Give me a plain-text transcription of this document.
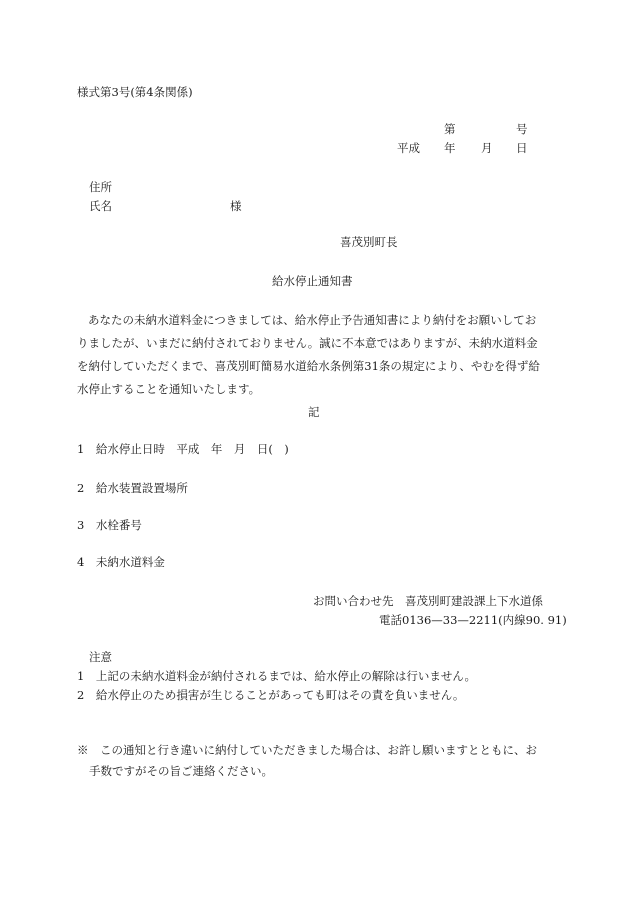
様式第3号(第4条関係)
第	号
平成 年 月 日
住所
氏名	様
喜茂別町長
給水停止通知書
あなたの未納水道料金につきましては、給水停止予告通知書により納付をお願いしてお
りましたが、いまだに納付されておりません。誠に不本意ではありますが、未納水道料金
を納付していただくまで、喜茂別町簡易水道給水条例第31条の規定により、やむを得ず給
水停止することを通知いたします。
記
1　給水停止日時　平成　年　月　日(　)
2　給水装置設置場所
3　水栓番号
4　未納水道料金
お問い合わせ先　喜茂別町建設課上下水道係
電話0136—33—2211(内線90. 91)
注意
1　上記の未納水道料金が納付されるまでは、給水停止の解除は行いません。
2　給水停止のため損害が生じることがあっても町はその責を負いません。
※　この通知と行き違いに納付していただきました場合は、お許し願いますとともに、お
手数ですがその旨ご連絡ください。
